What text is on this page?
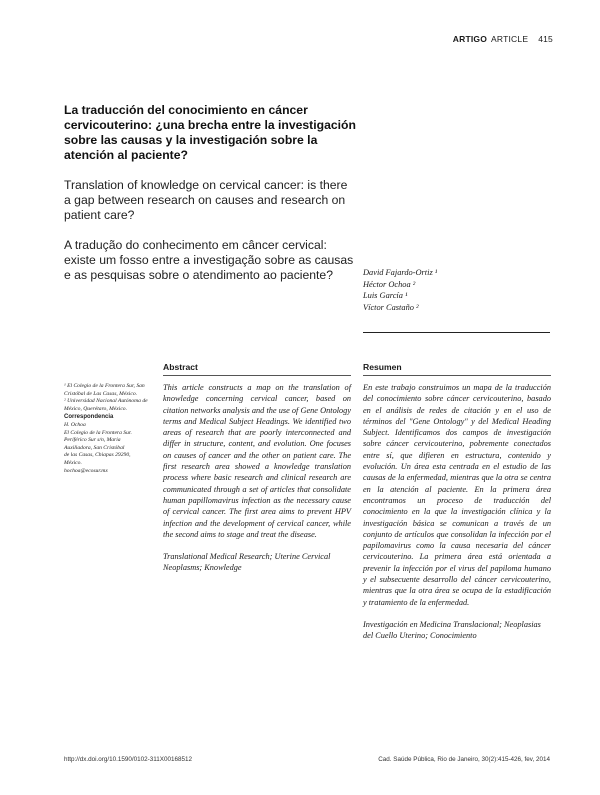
ARTIGO ARTICLE 415
La traducción del conocimiento en cáncer cervicouterino: ¿una brecha entre la investigación sobre las causas y la investigación sobre la atención al paciente?
Translation of knowledge on cervical cancer: is there a gap between research on causes and research on patient care?
A tradução do conhecimento em câncer cervical: existe um fosso entre a investigação sobre as causas e as pesquisas sobre o atendimento ao paciente?	David Fajardo-Ortiz ¹
Héctor Ochoa ²
Luis García ¹
Víctor Castaño ²
¹ El Colegio de la Frontera Sur, San Cristóbal de Las Casas, México.
² Universidad Nacional Autónoma de México, Querétaro, México.
Correspondencia
H. Ochoa
El Colegio de la Frontera Sur.
Periférico Sur s/n, Maria
Auxiliadora, San Cristóbal
de las Casas, Chiapas 29290,
México.
hochoa@ecosur.mx
Abstract
This article constructs a map on the translation of knowledge concerning cervical cancer, based on citation networks analysis and the use of Gene Ontology terms and Medical Subject Headings. We identified two areas of research that are poorly interconnected and differ in structure, content, and evolution. One focuses on causes of cancer and the other on patient care. The first research area showed a knowledge translation process where basic research and clinical research are communicated through a set of articles that consolidate human papillomavirus infection as the necessary cause of cervical cancer. The first area aims to prevent HPV infection and the development of cervical cancer, while the second aims to stage and treat the disease.
Translational Medical Research; Uterine Cervical Neoplasms; Knowledge
Resumen
En este trabajo construimos un mapa de la traducción del conocimiento sobre cáncer cervicouterino, basado en el análisis de redes de citación y en el uso de términos del "Gene Ontology" y del Medical Heading Subject. Identificamos dos campos de investigación sobre cáncer cervicouterino, pobremente conectados entre sí, que difieren en estructura, contenido y evolución. Un área esta centrada en el estudio de las causas de la enfermedad, mientras que la otra se centra en la atención al paciente. En la primera área encontramos un proceso de traducción del conocimiento en la que la investigación clínica y la investigación básica se comunican a través de un conjunto de artículos que consolidan la infección por el papilomavirus como la causa necesaria del cáncer cervicouterino. La primera área está orientada a prevenir la infección por el virus del papiloma humano y el subsecuente desarrollo del cáncer cervicouterino, mientras que la otra área se ocupa de la estadificación y tratamiento de la enfermedad.
Investigación en Medicina Translacional; Neoplasias del Cuello Uterino; Conocimiento
http://dx.doi.org/10.1590/0102-311X00168512	Cad. Saúde Pública, Rio de Janeiro, 30(2):415-426, fev, 2014
